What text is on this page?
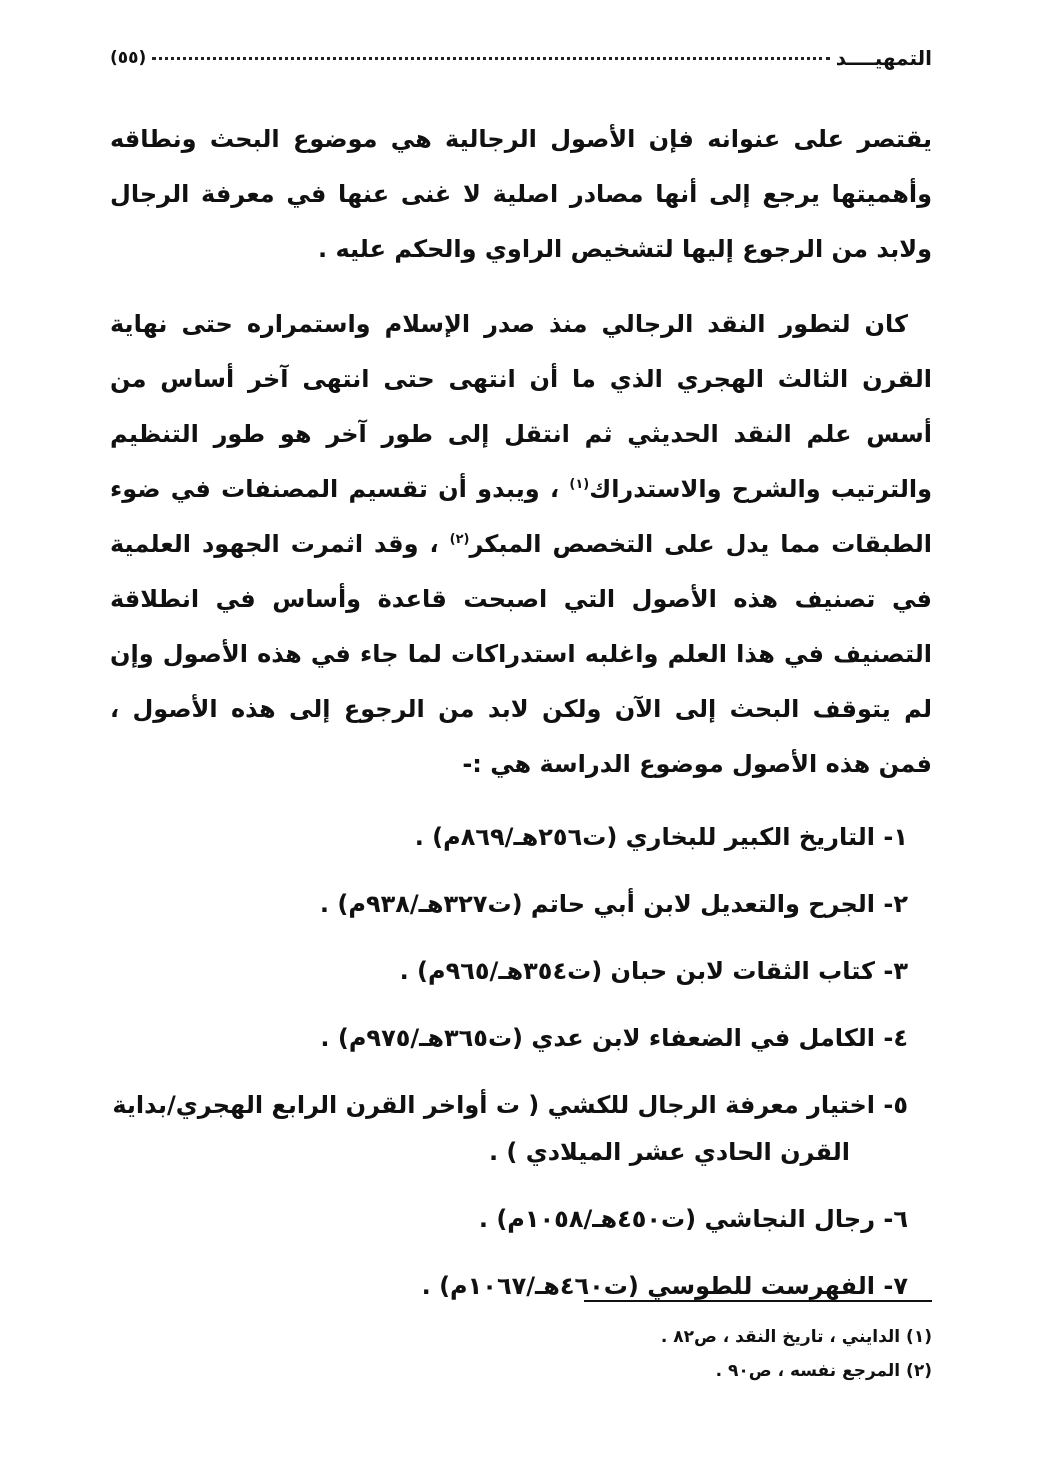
التمهيــــد
(٥٥)

يقتصر على عنوانه فإن الأصول الرجالية هي موضوع البحث ونطاقه وأهميتها يرجع إلى أنها مصادر اصلية لا غنى عنها في معرفة الرجال ولابد من الرجوع إليها لتشخيص الراوي والحكم عليه .

كان لتطور النقد الرجالي منذ صدر الإسلام واستمراره حتى نهاية القرن الثالث الهجري الذي ما أن انتهى حتى انتهى آخر أساس من أسس علم النقد الحديثي ثم انتقل إلى طور آخر هو طور التنظيم والترتيب والشرح والاستدراك$^{(١)}$ ، ويبدو أن تقسيم المصنفات في ضوء الطبقات مما يدل على التخصص المبكر$^{(٢)}$ ، وقد اثمرت الجهود العلمية في تصنيف هذه الأصول التي اصبحت قاعدة وأساس في انطلاقة التصنيف في هذا العلم واغلبه استدراكات لما جاء في هذه الأصول وإن لم يتوقف البحث إلى الآن ولكن لابد من الرجوع إلى هذه الأصول ، فمن هذه الأصول موضوع الدراسة هي :-

١- التاريخ الكبير للبخاري (ت٢٥٦هـ/٨٦٩م) .
٢- الجرح والتعديل لابن أبي حاتم (ت٣٢٧هـ/٩٣٨م) .
٣- كتاب الثقات لابن حبان (ت٣٥٤هـ/٩٦٥م) .
٤- الكامل في الضعفاء لابن عدي (ت٣٦٥هـ/٩٧٥م) .
٥- اختيار معرفة الرجال للكشي ( ت أواخر القرن الرابع الهجري/بداية
القرن الحادي عشر الميلادي ) .
٦- رجال النجاشي (ت٤٥٠هـ/١٠٥٨م) .
٧- الفهرست للطوسي (ت٤٦٠هـ/١٠٦٧م) .

(١) الدايني ، تاريخ النقد ، ص٨٢ .

(٢) المرجع نفسه ، ص٩٠ .
